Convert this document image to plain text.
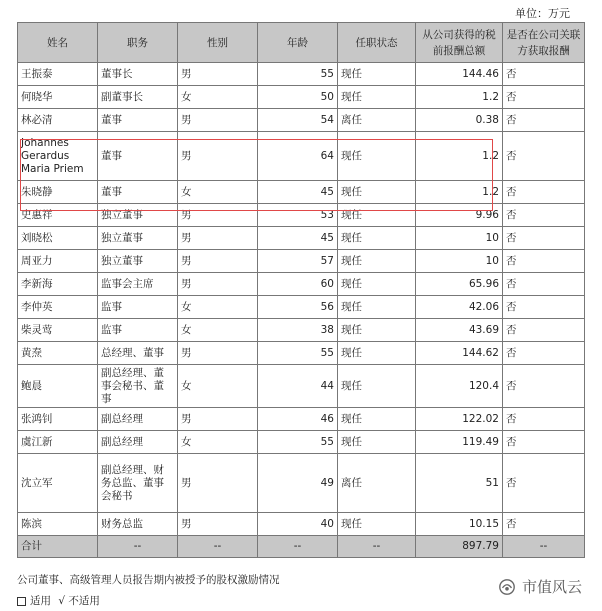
单位：万元
姓名	职务	性别	年龄	任职状态	从公司获得的税前报酬总额	是否在公司关联方获取报酬
王振泰	董事长	男	55	现任	144.46	否
何晓华	副董事长	女	50	现任	1.2	否
林必清	董事	男	54	离任	0.38	否
Johannes Gerardus Maria Priem	董事	男	64	现任	1.2	否
朱晓静	董事	女	45	现任	1.2	否
史惠祥	独立董事	男	53	现任	9.96	否
刘晓松	独立董事	男	45	现任	10	否
周亚力	独立董事	男	57	现任	10	否
李新海	监事会主席	男	60	现任	65.96	否
李仲英	监事	女	56	现任	42.06	否
柴灵莺	监事	女	38	现任	43.69	否
黄焘	总经理、董事	男	55	现任	144.62	否
鲍晨	副总经理、董事会秘书、董事	女	44	现任	120.4	否
张鸿钊	副总经理	男	46	现任	122.02	否
虞江新	副总经理	女	55	现任	119.49	否
沈立军	副总经理、财务总监、董事会秘书	男	49	离任	51	否
陈滨	财务总监	男	40	现任	10.15	否
合计	--	--	--	--	897.79	--
公司董事、高级管理人员报告期内被授予的股权激励情况
适用 √ 不适用
市值风云
